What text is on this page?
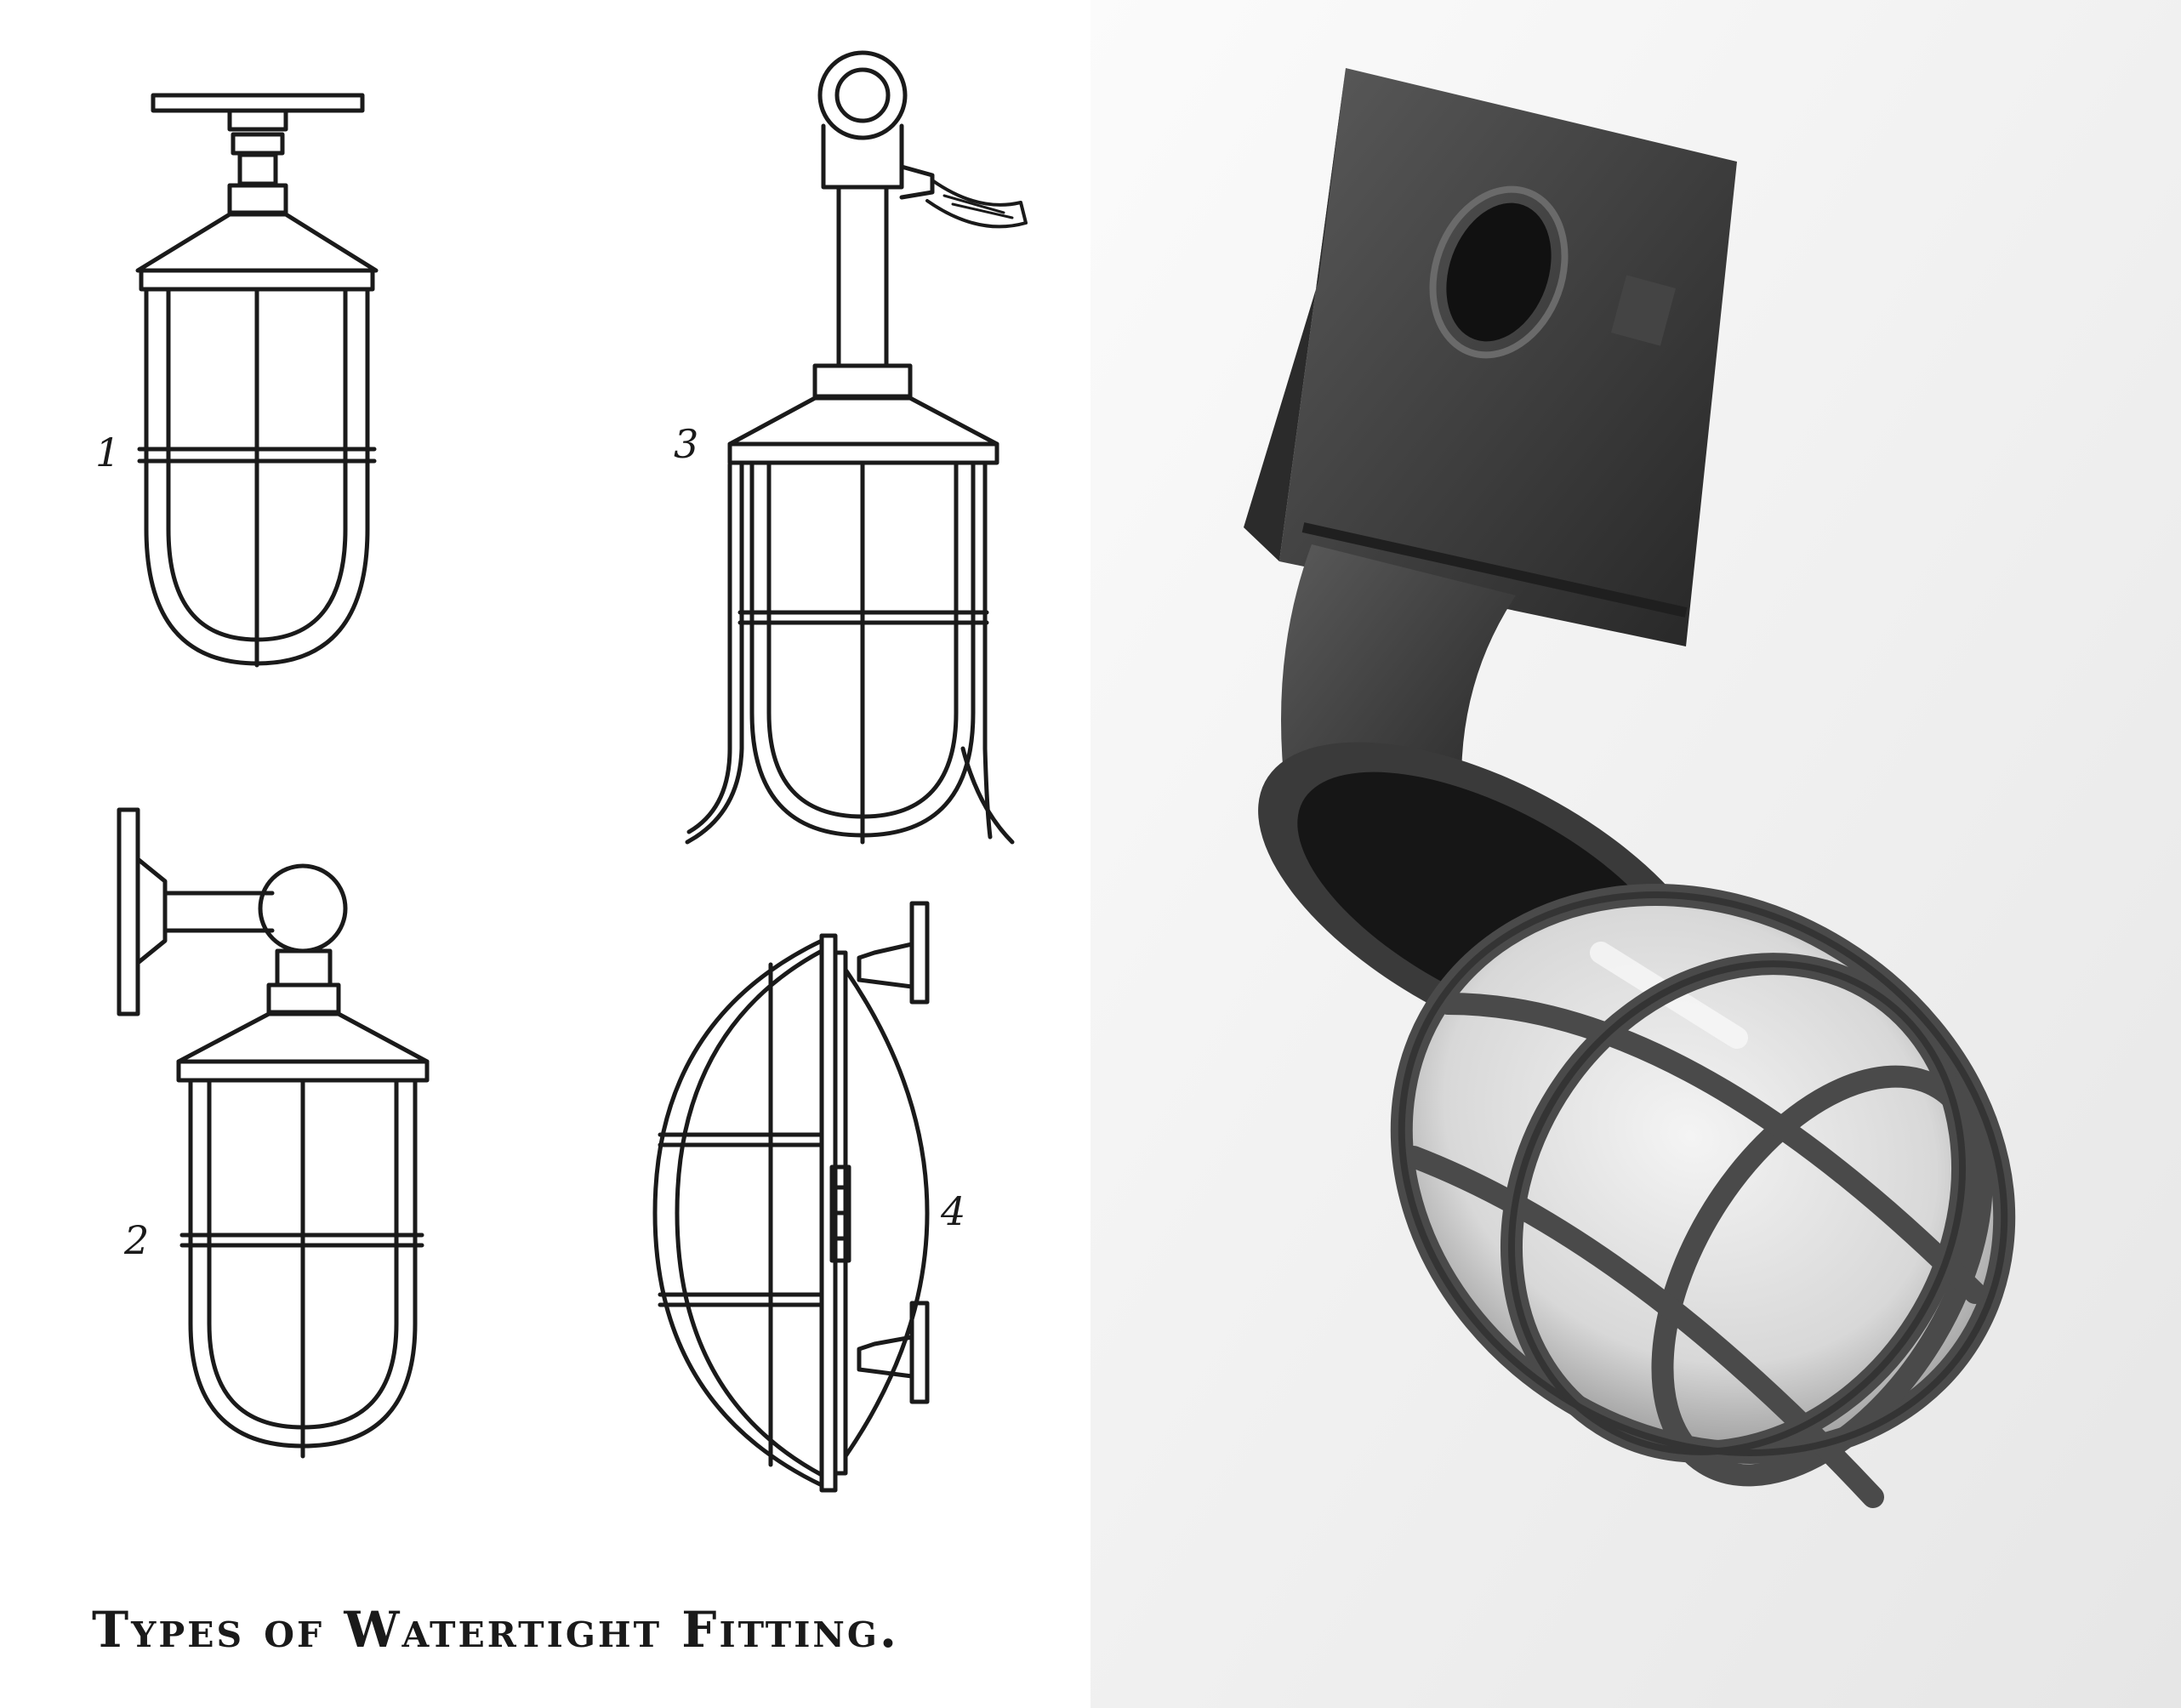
1
2
3
4
Types of Watertight Fitting.
